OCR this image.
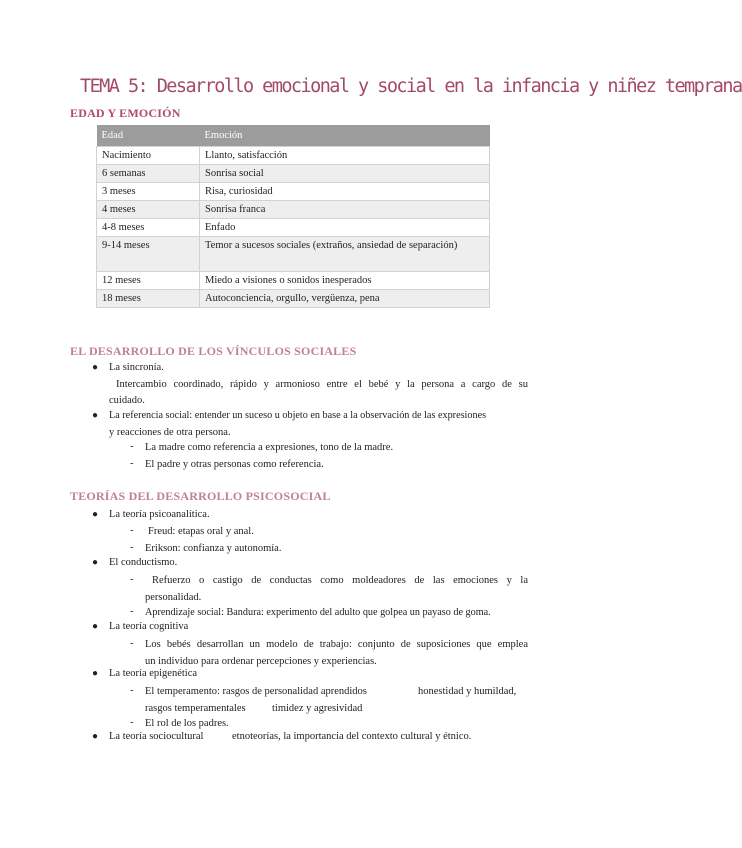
TEMA 5: Desarrollo emocional y social en la infancia y niñez temprana
EDAD Y EMOCIÓN
Edad	Emoción
Nacimiento	Llanto, satisfacción
6 semanas	Sonrisa social
3 meses	Risa, curiosidad
4 meses	Sonrisa franca
4-8 meses	Enfado
9-14 meses	Temor a sucesos sociales (extraños, ansiedad de separación)
12 meses	Miedo a visiones o sonidos inesperados
18 meses	Autoconciencia, orgullo, vergüenza, pena
EL DESARROLLO DE LOS VÍNCULOS SOCIALES
● La sincronía.
Intercambio coordinado, rápido y armonioso entre el bebé y la persona a cargo de su
cuidado.
● La referencia social: entender un suceso u objeto en base a la observación de las expresiones
y reacciones de otra persona.
- La madre como referencia a expresiones, tono de la madre.
- El padre y otras personas como referencia.
TEORÍAS DEL DESARROLLO PSICOSOCIAL
● La teoría psicoanalítica.
- Freud: etapas oral y anal.
- Erikson: confianza y autonomía.
● El conductismo.
- Refuerzo o castigo de conductas como moldeadores de las emociones y la
personalidad.
- Aprendizaje social: Bandura: experimento del adulto que golpea un payaso de goma.
● La teoría cognitiva
- Los bebés desarrollan un modelo de trabajo: conjunto de suposiciones que emplea
un individuo para ordenar percepciones y experiencias.
● La teoría epigenética
- El temperamento: rasgos de personalidad aprendidos	honestidad y humildad,
rasgos temperamentales	timidez y agresividad
- El rol de los padres.
● La teoría sociocultural	etnoteorías, la importancia del contexto cultural y étnico.
